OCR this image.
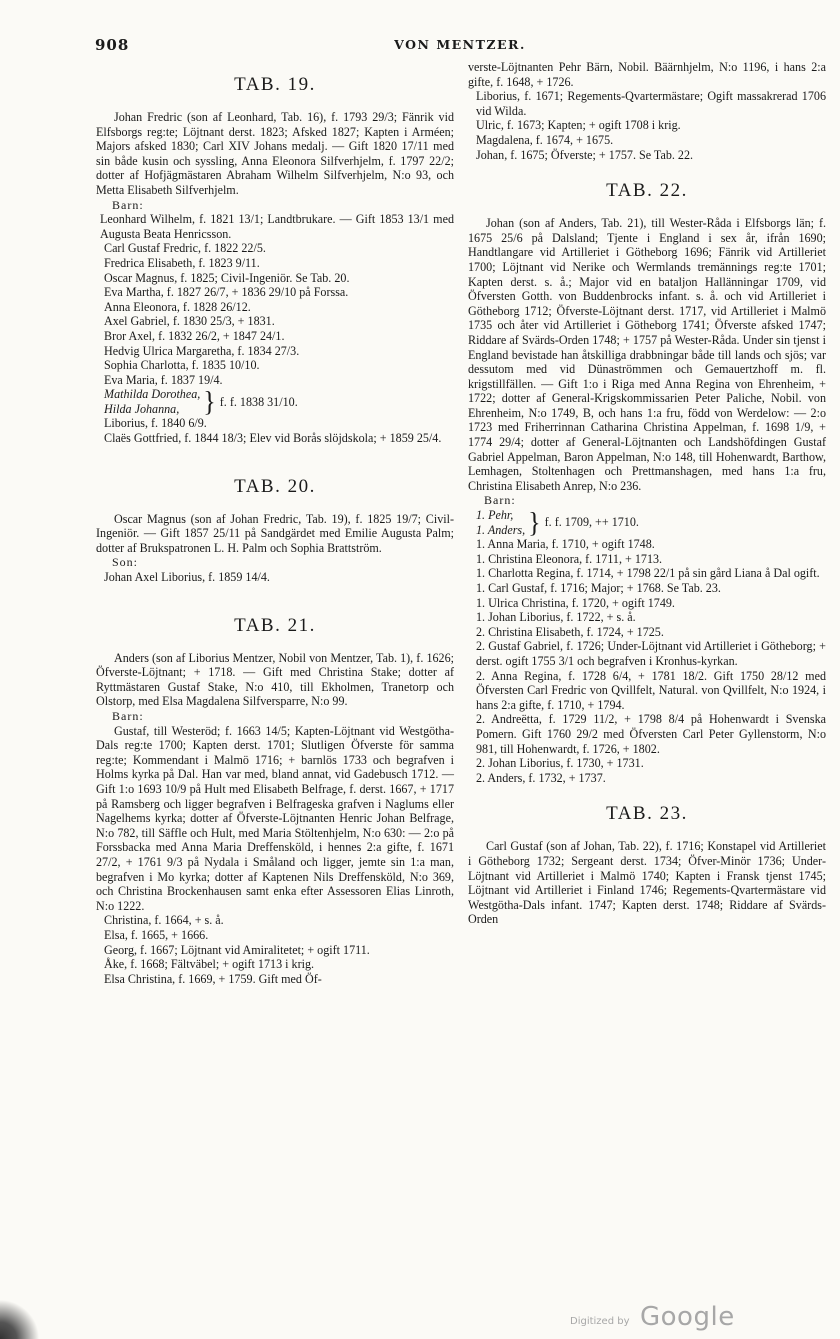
908	VON MENTZER.
TAB. 19.
Johan Fredric (son af Leonhard, Tab. 16), f. 1793 29/3; Fänrik vid Elfsborgs reg:te; Löjtnant derst. 1823; Afsked 1827; Kapten i Arméen; Majors afsked 1830; Carl XIV Johans medalj. — Gift 1820 17/11 med sin både kusin och syssling, Anna Eleonora Silfverhjelm, f. 1797 22/2; dotter af Hofjägmästaren Abraham Wilhelm Silfverhjelm, N:o 93, och Metta Elisabeth Silfverhjelm.
Barn:
Leonhard Wilhelm, f. 1821 13/1; Landtbrukare. — Gift 1853 13/1 med Augusta Beata Henricsson.
Carl Gustaf Fredric, f. 1822 22/5.
Fredrica Elisabeth, f. 1823 9/11.
Oscar Magnus, f. 1825; Civil-Ingeniör. Se Tab. 20.
Eva Martha, f. 1827 26/7, + 1836 29/10 på Forssa.
Anna Eleonora, f. 1828 26/12.
Axel Gabriel, f. 1830 25/3, + 1831.
Bror Axel, f. 1832 26/2, + 1847 24/1.
Hedvig Ulrica Margaretha, f. 1834 27/3.
Sophia Charlotta, f. 1835 10/10.
Eva Maria, f. 1837 19/4.
Mathilda Dorothea,
Hilda Johanna, } f. f. 1838 31/10.
Liborius, f. 1840 6/9.
Claës Gottfried, f. 1844 18/3; Elev vid Borås slöjdskola; + 1859 25/4.
TAB. 20.
Oscar Magnus (son af Johan Fredric, Tab. 19), f. 1825 19/7; Civil-Ingeniör. — Gift 1857 25/11 på Sandgärdet med Emilie Augusta Palm; dotter af Brukspatronen L. H. Palm och Sophia Brattström.
Son:
Johan Axel Liborius, f. 1859 14/4.
TAB. 21.
Anders (son af Liborius Mentzer, Nobil von Mentzer, Tab. 1), f. 1626; Öfverste-Löjtnant; + 1718. — Gift med Christina Stake; dotter af Ryttmästaren Gustaf Stake, N:o 410, till Ekholmen, Tranetorp och Olstorp, med Elsa Magdalena Silfversparre, N:o 99.
Barn:
Gustaf, till Westeröd; f. 1663 14/5; Kapten-Löjtnant vid Westgötha-Dals reg:te 1700; Kapten derst. 1701; Slutligen Öfverste för samma reg:te; Kommendant i Malmö 1716; + barnlös 1733 och begrafven i Holms kyrka på Dal. Han var med, bland annat, vid Gadebusch 1712. — Gift 1:o 1693 10/9 på Hult med Elisabeth Belfrage, f. derst. 1667, + 1717 på Ramsberg och ligger begrafven i Belfrageska grafven i Naglums eller Nagelhems kyrka; dotter af Öfverste-Löjtnanten Henric Johan Belfrage, N:o 782, till Säffle och Hult, med Maria Stöltenhjelm, N:o 630: — 2:o på Forssbacka med Anna Maria Dreffensköld, i hennes 2:a gifte, f. 1671 27/2, + 1761 9/3 på Nydala i Småland och ligger, jemte sin 1:a man, begrafven i Mo kyrka; dotter af Kaptenen Nils Dreffensköld, N:o 369, och Christina Brockenhausen samt enka efter Assessoren Elias Linroth, N:o 1222.
Christina, f. 1664, + s. å.
Elsa, f. 1665, + 1666.
Georg, f. 1667; Löjtnant vid Amiralitetet; + ogift 1711.
Åke, f. 1668; Fältväbel; + ogift 1713 i krig.
Elsa Christina, f. 1669, + 1759. Gift med Öf-
verste-Löjtnanten Pehr Bärn, Nobil. Bäärnhjelm, N:o 1196, i hans 2:a gifte, f. 1648, + 1726.
Liborius, f. 1671; Regements-Qvartermästare; Ogift massakrerad 1706 vid Wilda.
Ulric, f. 1673; Kapten; + ogift 1708 i krig.
Magdalena, f. 1674, + 1675.
Johan, f. 1675; Öfverste; + 1757. Se Tab. 22.
TAB. 22.
Johan (son af Anders, Tab. 21), till Wester-Råda i Elfsborgs län; f. 1675 25/6 på Dalsland; Tjente i England i sex år, ifrån 1690; Handtlangare vid Artilleriet i Götheborg 1696; Fänrik vid Artilleriet 1700; Löjtnant vid Nerike och Wermlands tremännings reg:te 1701; Kapten derst. s. å.; Major vid en bataljon Hallänningar 1709, vid Öfversten Gotth. von Buddenbrocks infant. s. å. och vid Artilleriet i Götheborg 1712; Öfverste-Löjtnant derst. 1717, vid Artilleriet i Malmö 1735 och åter vid Artilleriet i Götheborg 1741; Öfverste afsked 1747; Riddare af Svärds-Orden 1748; + 1757 på Wester-Råda. Under sin tjenst i England bevistade han åtskilliga drabbningar både till lands och sjös; var dessutom med vid Dünaströmmen och Gemauertzhoff m. fl. krigstillfällen. — Gift 1:o i Riga med Anna Regina von Ehrenheim, + 1722; dotter af General-Krigskommissarien Peter Paliche, Nobil. von Ehrenheim, N:o 1749, B, och hans 1:a fru, född von Werdelow: — 2:o 1723 med Friherrinnan Catharina Christina Appelman, f. 1698 1/9, + 1774 29/4; dotter af General-Löjtnanten och Landshöfdingen Gustaf Gabriel Appelman, Baron Appelman, N:o 148, till Hohenwardt, Barthow, Lemhagen, Stoltenhagen och Prettmanshagen, med hans 1:a fru, Christina Elisabeth Anrep, N:o 236.
Barn:
1. Pehr,
1. Anders, } f. f. 1709, ++ 1710.
1. Anna Maria, f. 1710, + ogift 1748.
1. Christina Eleonora, f. 1711, + 1713.
1. Charlotta Regina, f. 1714, + 1798 22/1 på sin gård Liana å Dal ogift.
1. Carl Gustaf, f. 1716; Major; + 1768. Se Tab. 23.
1. Ulrica Christina, f. 1720, + ogift 1749.
1. Johan Liborius, f. 1722, + s. å.
2. Christina Elisabeth, f. 1724, + 1725.
2. Gustaf Gabriel, f. 1726; Under-Löjtnant vid Artilleriet i Götheborg; + derst. ogift 1755 3/1 och begrafven i Kronhus-kyrkan.
2. Anna Regina, f. 1728 6/4, + 1781 18/2. Gift 1750 28/12 med Öfversten Carl Fredric von Qvillfelt, Natural. von Qvillfelt, N:o 1924, i hans 2:a gifte, f. 1710, + 1794.
2. Andreëtta, f. 1729 11/2, + 1798 8/4 på Hohenwardt i Svenska Pomern. Gift 1760 29/2 med Öfversten Carl Peter Gyllenstorm, N:o 981, till Hohenwardt, f. 1726, + 1802.
2. Johan Liborius, f. 1730, + 1731.
2. Anders, f. 1732, + 1737.
TAB. 23.
Carl Gustaf (son af Johan, Tab. 22), f. 1716; Konstapel vid Artilleriet i Götheborg 1732; Sergeant derst. 1734; Öfver-Minör 1736; Under-Löjtnant vid Artilleriet i Malmö 1740; Kapten i Fransk tjenst 1745; Löjtnant vid Artilleriet i Finland 1746; Regements-Qvartermästare vid Westgötha-Dals infant. 1747; Kapten derst. 1748; Riddare af Svärds-Orden
Digitized by Google
